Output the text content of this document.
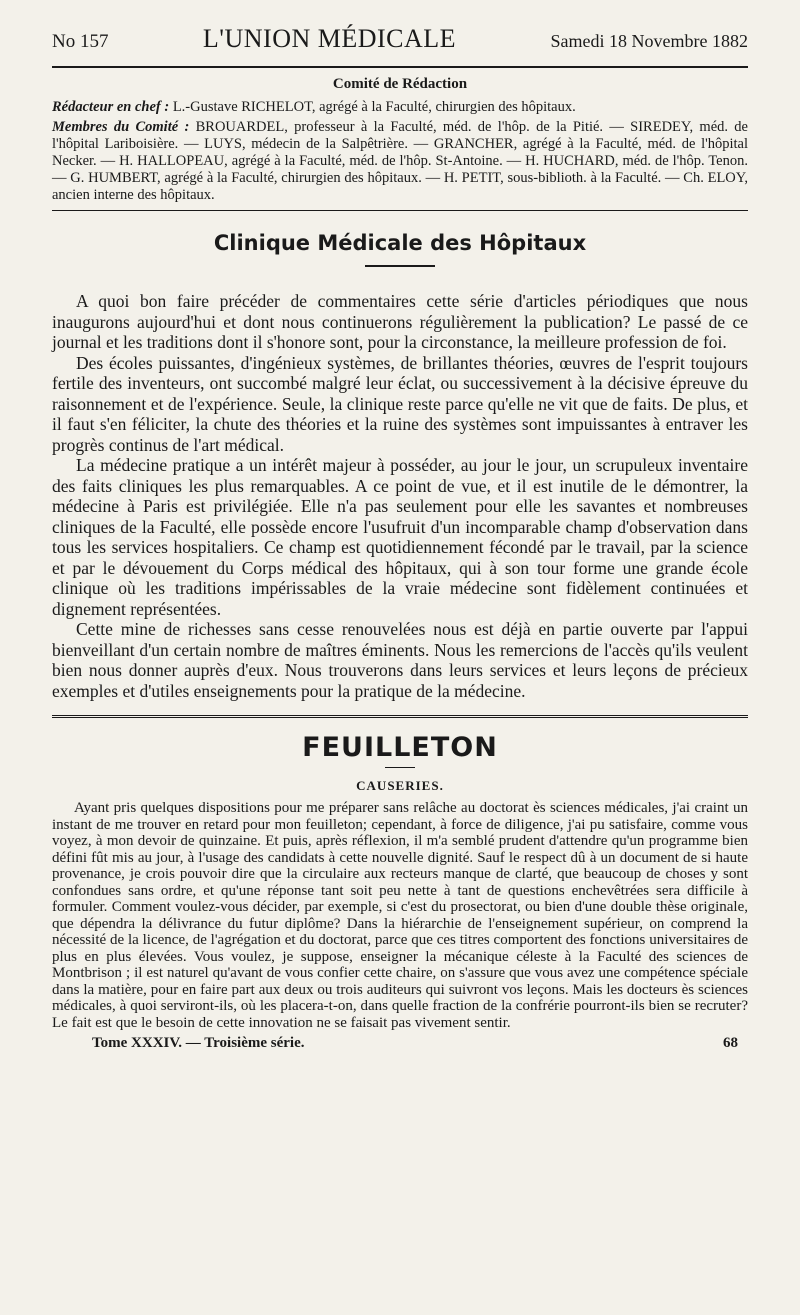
No 157	L'UNION MÉDICALE	Samedi 18 Novembre 1882
Comité de Rédaction

Rédacteur en chef : L.-Gustave RICHELOT, agrégé à la Faculté, chirurgien des hôpitaux.

Membres du Comité : BROUARDEL, professeur à la Faculté, méd. de l'hôp. de la Pitié. — SIREDEY, méd. de l'hôpital Lariboisière. — LUYS, médecin de la Salpêtrière. — GRANCHER, agrégé à la Faculté, méd. de l'hôpital Necker. — H. HALLOPEAU, agrégé à la Faculté, méd. de l'hôp. St-Antoine. — H. HUCHARD, méd. de l'hôp. Tenon. — G. HUMBERT, agrégé à la Faculté, chirurgien des hôpitaux. — H. PETIT, sous-biblioth. à la Faculté. — Ch. ELOY, ancien interne des hôpitaux.

Clinique Médicale des Hôpitaux

A quoi bon faire précéder de commentaires cette série d'articles périodiques que nous inaugurons aujourd'hui et dont nous continuerons régulièrement la publication? Le passé de ce journal et les traditions dont il s'honore sont, pour la circonstance, la meilleure profession de foi.

Des écoles puissantes, d'ingénieux systèmes, de brillantes théories, œuvres de l'esprit toujours fertile des inventeurs, ont succombé malgré leur éclat, ou successivement à la décisive épreuve du raisonnement et de l'expérience. Seule, la clinique reste parce qu'elle ne vit que de faits. De plus, et il faut s'en féliciter, la chute des théories et la ruine des systèmes sont impuissantes à entraver les progrès continus de l'art médical.

La médecine pratique a un intérêt majeur à posséder, au jour le jour, un scrupuleux inventaire des faits cliniques les plus remarquables. A ce point de vue, et il est inutile de le démontrer, la médecine à Paris est privilégiée. Elle n'a pas seulement pour elle les savantes et nombreuses cliniques de la Faculté, elle possède encore l'usufruit d'un incomparable champ d'observation dans tous les services hospitaliers. Ce champ est quotidiennement fécondé par le travail, par la science et par le dévouement du Corps médical des hôpitaux, qui à son tour forme une grande école clinique où les traditions impérissables de la vraie médecine sont fidèlement continuées et dignement représentées.

Cette mine de richesses sans cesse renouvelées nous est déjà en partie ouverte par l'appui bienveillant d'un certain nombre de maîtres éminents. Nous les remercions de l'accès qu'ils veulent bien nous donner auprès d'eux. Nous trouverons dans leurs services et leurs leçons de précieux exemples et d'utiles enseignements pour la pratique de la médecine.

FEUILLETON
CAUSERIES.

Ayant pris quelques dispositions pour me préparer sans relâche au doctorat ès sciences médicales, j'ai craint un instant de me trouver en retard pour mon feuilleton; cependant, à force de diligence, j'ai pu satisfaire, comme vous voyez, à mon devoir de quinzaine. Et puis, après réflexion, il m'a semblé prudent d'attendre qu'un programme bien défini fût mis au jour, à l'usage des candidats à cette nouvelle dignité. Sauf le respect dû à un document de si haute provenance, je crois pouvoir dire que la circulaire aux recteurs manque de clarté, que beaucoup de choses y sont confondues sans ordre, et qu'une réponse tant soit peu nette à tant de questions enchevêtrées sera difficile à formuler. Comment voulez-vous décider, par exemple, si c'est du prosectorat, ou bien d'une double thèse originale, que dépendra la délivrance du futur diplôme? Dans la hiérarchie de l'enseignement supérieur, on comprend la nécessité de la licence, de l'agrégation et du doctorat, parce que ces titres comportent des fonctions universitaires de plus en plus élevées. Vous voulez, je suppose, enseigner la mécanique céleste à la Faculté des sciences de Montbrison ; il est naturel qu'avant de vous confier cette chaire, on s'assure que vous avez une compétence spéciale dans la matière, pour en faire part aux deux ou trois auditeurs qui suivront vos leçons. Mais les docteurs ès sciences médicales, à quoi serviront-ils, où les placera-t-on, dans quelle fraction de la confrérie pourront-ils bien se recruter? Le fait est que le besoin de cette innovation ne se faisait pas vivement sentir.

Tome XXXIV. — Troisième série.	68
